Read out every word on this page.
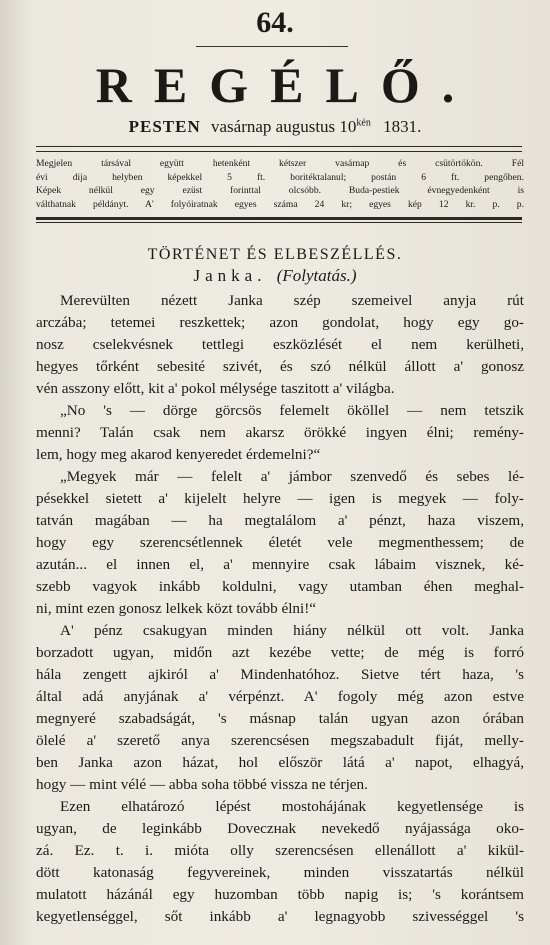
64.
REGÉLŐ.
PESTEN vasárnap augustus $10^{kén}$ 1831.
Megjelen társával együtt hetenként kétszer vasárnap és csütörtökön. Fél
évi dija helyben képekkel 5 ft. boritéktalanul; postán 6 ft. pengőben.
Képek nélkül egy ezüst forinttal olcsóbb. Buda-pestiek évnegyedenként is
válthatnak példányt. A' folyóiratnak egyes száma 24 kr; egyes kép 12 kr. p. p.
TÖRTÉNET ÉS ELBESZÉLLÉS.
Janka. (Folytatás.)
Merevülten nézett Janka szép szemeivel anyja rút
arczába; tetemei reszkettek; azon gondolat, hogy egy go-
nosz cselekvésnek tettlegi eszközlését el nem kerülheti,
hegyes tőrként sebesité szivét, és szó nélkül állott a' gonosz
vén asszony előtt, kit a' pokol mélysége taszitott a' világba.
„No 's — dörge görcsös felemelt ököllel — nem tetszik
menni? Talán csak nem akarsz örökké ingyen élni; remény-
lem, hogy meg akarod kenyeredet érdemelni?“
„Megyek már — felelt a' jámbor szenvedő és sebes lé-
pésekkel sietett a' kijelelt helyre — igen is megyek — foly-
tatván magában — ha megtalálom a' pénzt, haza viszem,
hogy egy szerencsétlennek életét vele megmenthessem; de
azután... el innen el, a' mennyire csak lábaim visznek, ké-
szebb vagyok inkább koldulni, vagy utamban éhen meghal-
ni, mint ezen gonosz lelkek közt tovább élni!“
A' pénz csakugyan minden hiány nélkül ott volt. Janka
borzadott ugyan, midőn azt kezébe vette; de még is forró
hála zengett ajkiról a' Mindenhatóhoz. Sietve tért haza, 's
által adá anyjának a' vérpénzt. A' fogoly még azon estve
megnyeré szabadságát, 's másnap talán ugyan azon órában
ölelé a' szerető anya szerencsésen megszabadult fiját, melly-
ben Janka azon házat, hol először látá a' napot, elhagyá,
hogy — mint vélé — abba soha többé vissza ne térjen.
Ezen elhatározó lépést mostohájának kegyetlensége is
ugyan, de leginkább Doveczнak nevekedő nyájassága oko-
zá. Ez. t. i. mióta olly szerencsésen ellenállott a' kikül-
dött katonaság fegyvereinek, minden visszatartás nélkül
mulatott házánál egy huzomban több napig is; 's korántsem
kegyetlenséggel, sőt inkább a' legnagyobb szivességgel 's
